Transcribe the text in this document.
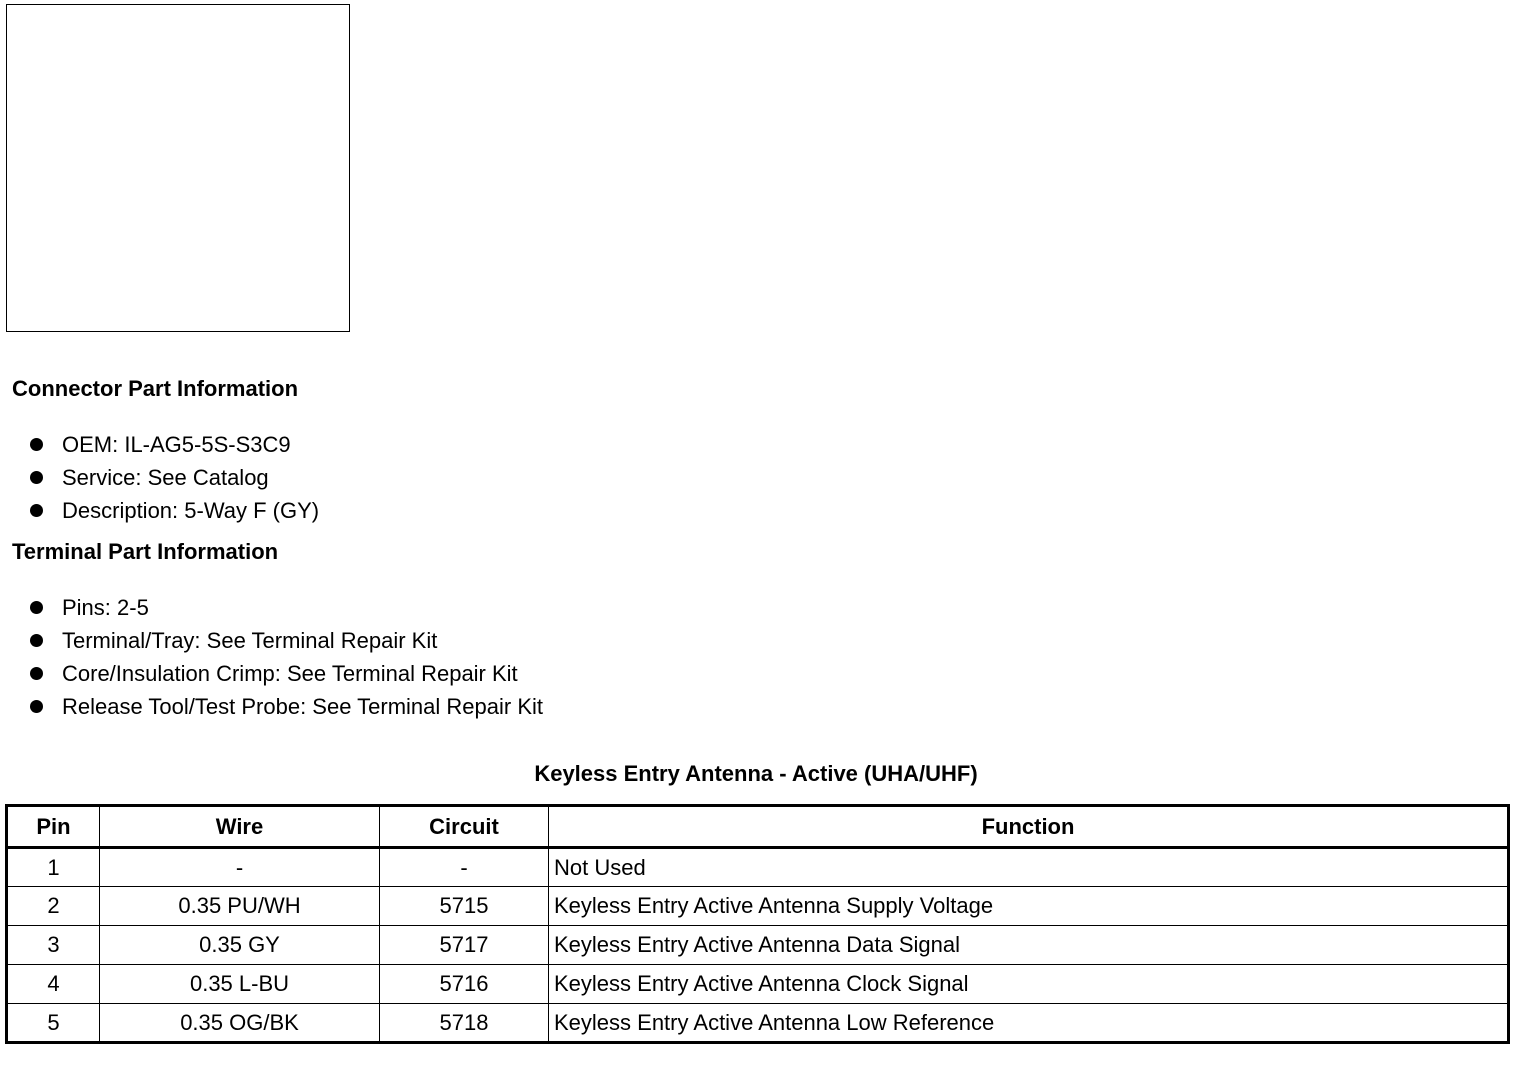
Connector Part Information
OEM: IL-AG5-5S-S3C9
Service: See Catalog
Description: 5-Way F (GY)
Terminal Part Information
Pins: 2-5
Terminal/Tray: See Terminal Repair Kit
Core/Insulation Crimp: See Terminal Repair Kit
Release Tool/Test Probe: See Terminal Repair Kit
Keyless Entry Antenna - Active (UHA/UHF)
Pin	Wire	Circuit	Function
1	-	-	Not Used
2	0.35 PU/WH	5715	Keyless Entry Active Antenna Supply Voltage
3	0.35 GY	5717	Keyless Entry Active Antenna Data Signal
4	0.35 L-BU	5716	Keyless Entry Active Antenna Clock Signal
5	0.35 OG/BK	5718	Keyless Entry Active Antenna Low Reference
